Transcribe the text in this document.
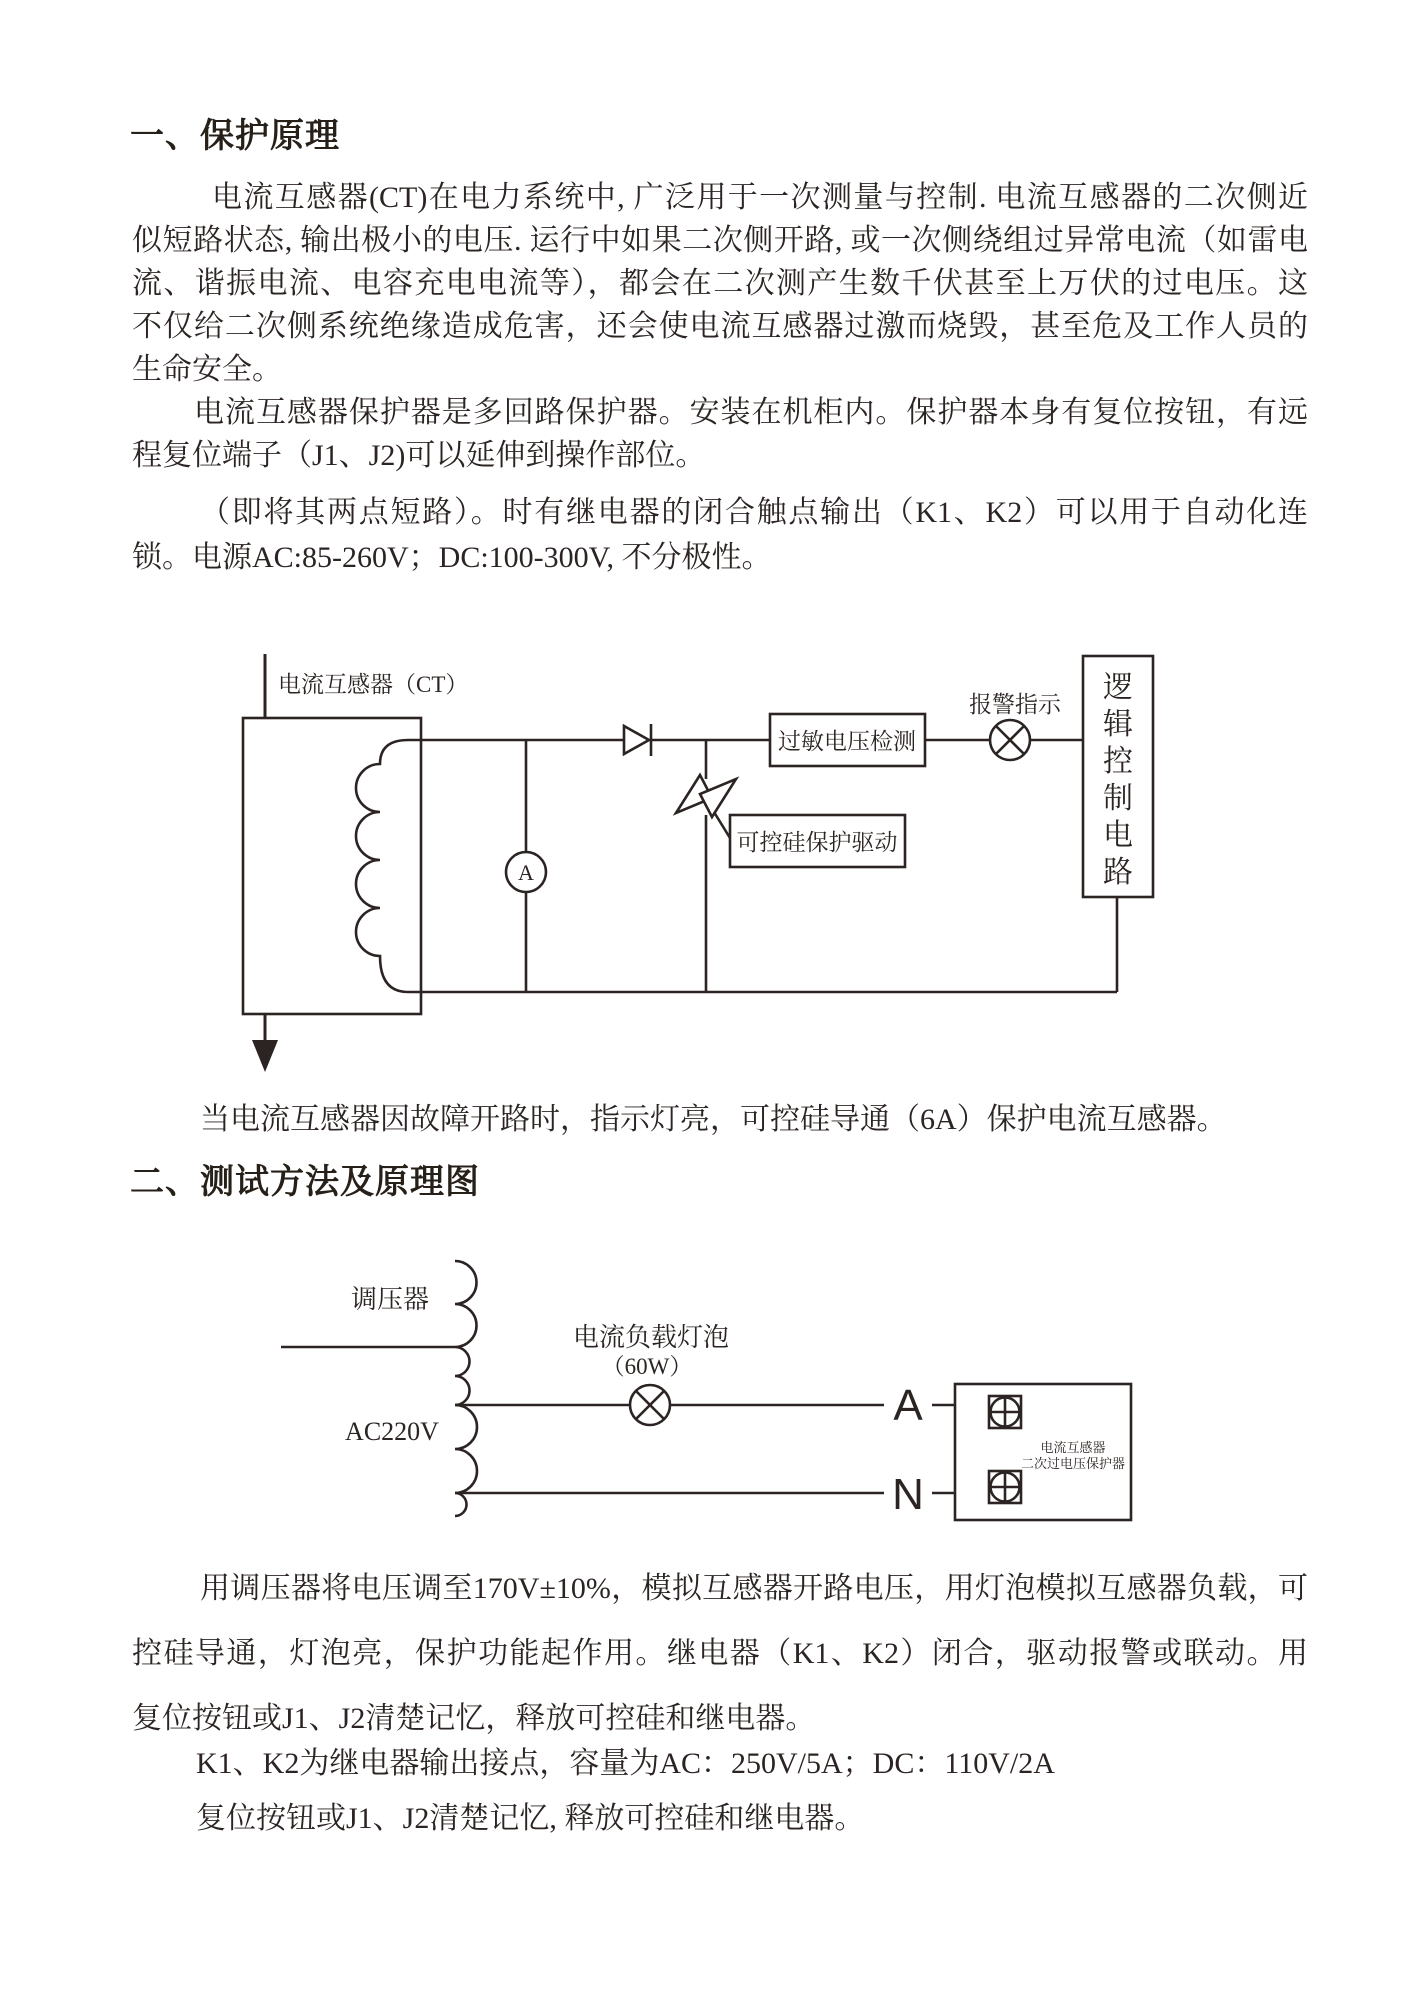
一、保护原理
电流互感器(CT)在电力系统中, 广泛用于一次测量与控制. 电流互感器的二次侧近
似短路状态, 输出极小的电压. 运行中如果二次侧开路, 或一次侧绕组过异常电流（如雷电
流、谐振电流、电容充电电流等），都会在二次测产生数千伏甚至上万伏的过电压。这
不仅给二次侧系统绝缘造成危害，还会使电流互感器过激而烧毁，甚至危及工作人员的
生命安全。
电流互感器保护器是多回路保护器。安装在机柜内。保护器本身有复位按钮，有远
程复位端子（J1、J2)可以延伸到操作部位。
（即将其两点短路）。时有继电器的闭合触点输出（K1、K2）可以用于自动化连
锁。电源AC:85-260V；DC:100-300V, 不分极性。
电流互感器（CT）
A
过敏电压检测
可控硅保护驱动
报警指示
逻
辑
控
制
电
路
当电流互感器因故障开路时，指示灯亮，可控硅导通（6A）保护电流互感器。
二、测试方法及原理图
调压器
AC220V
电流负载灯泡
（60W）
A
N
电流互感器
二次过电压保护器
用调压器将电压调至170V±10%，模拟互感器开路电压，用灯泡模拟互感器负载，可
控硅导通，灯泡亮，保护功能起作用。继电器（K1、K2）闭合，驱动报警或联动。用
复位按钮或J1、J2清楚记忆，释放可控硅和继电器。
K1、K2为继电器输出接点，容量为AC：250V/5A；DC：110V/2A
复位按钮或J1、J2清楚记忆, 释放可控硅和继电器。
